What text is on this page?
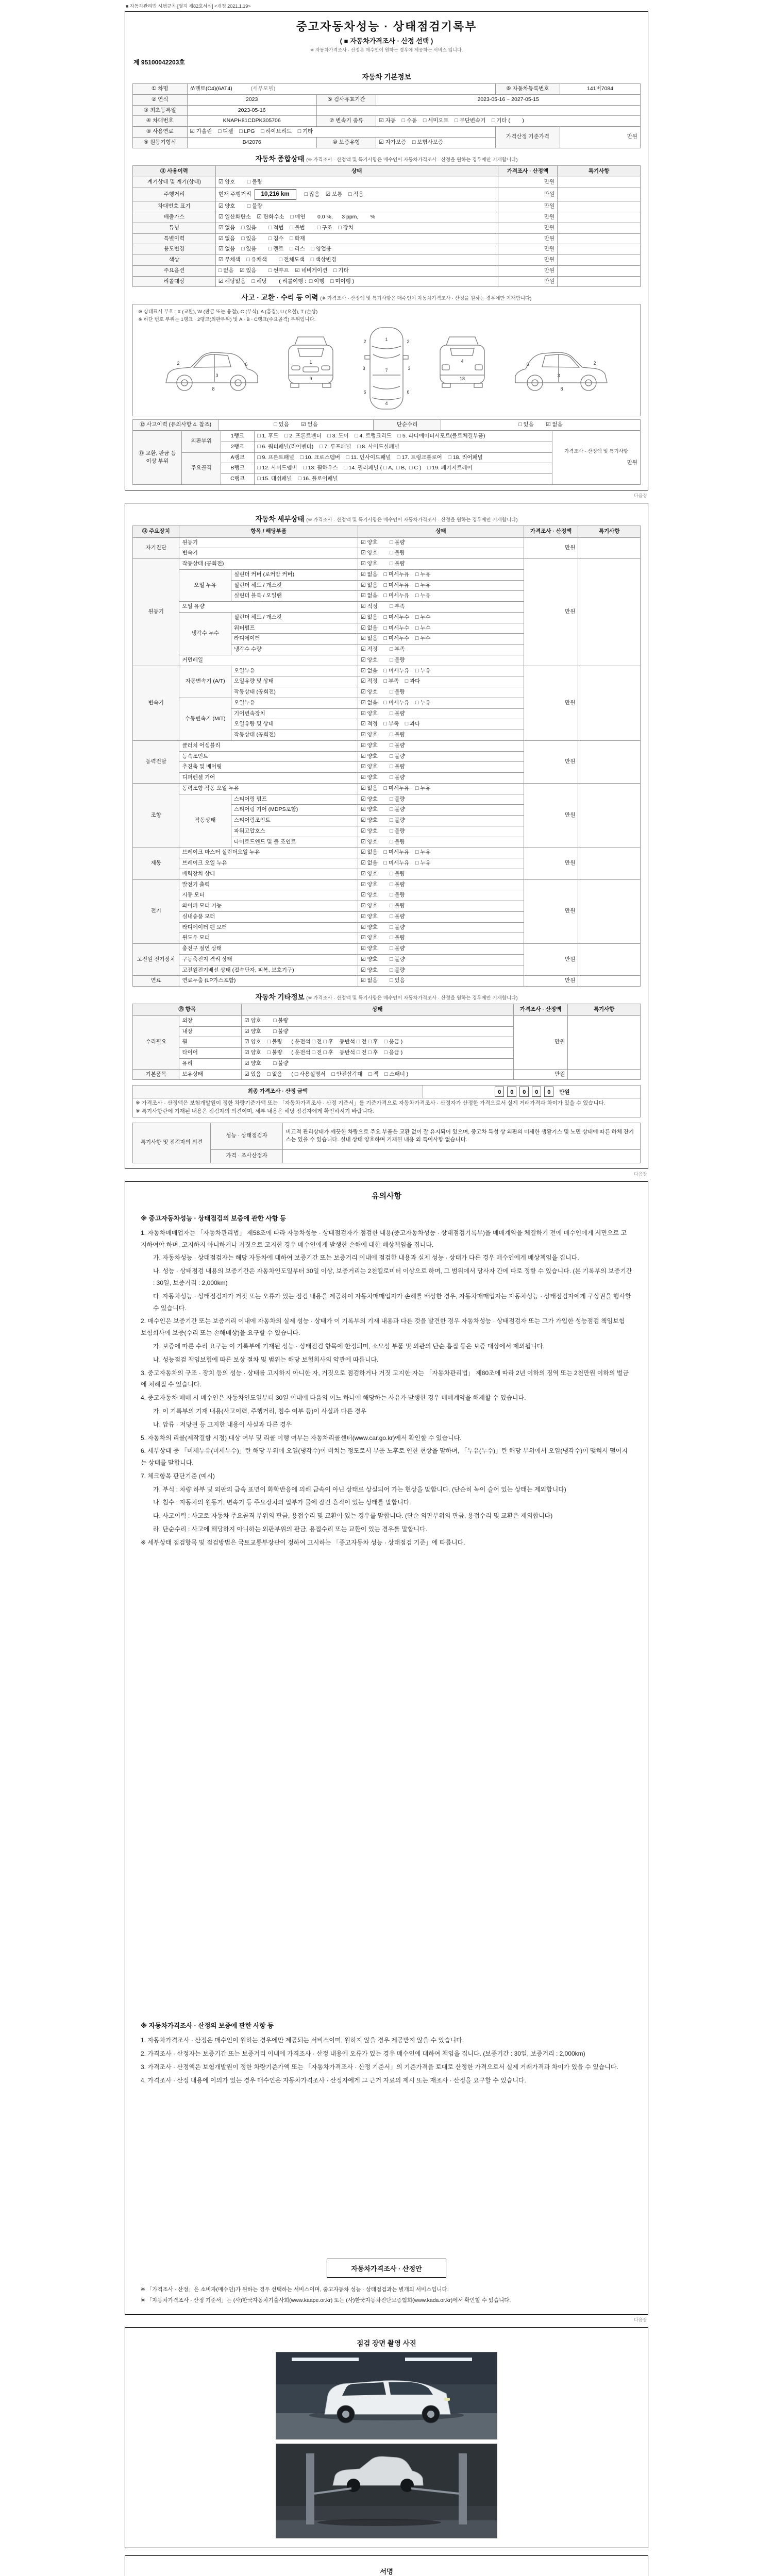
■ 자동차관리법 시행규칙 [별지 제82호서식] <개정 2021.1.19>
중고자동차성능 · 상태점검기록부
( ■ 자동차가격조사 · 산정 선택 )
※ 자동차가격조사 · 산정은 매수인이 원하는 경우에 제공하는 서비스 입니다.
제 95100042203호
자동차 기본정보
① 차명	쏘렌토(C4)(6AT4) (세부모델)			⑥ 자동차등록번호	141버7084
② 연식	2023	⑤ 검사유효기간	2023-05-16 ~ 2027-05-15		
③ 최초등록일	2023-05-16				
④ 차대번호	KNAPH81CDPK305706	⑦ 변속기 종류	☑ 자동    □ 수동    □ 세미오토    □ 무단변속기    □ 기타 (        )		
⑧ 사용연료	☑ 가솔린    □ 디젤    □ LPG    □ 하이브리드    □ 기타			가격산정 기준가격	만원
⑨ 원동기형식	B42076	⑩ 보증유형	☑ 자가보증    □ 보험사보증		
자동차 종합상태 (※ 가격조사 · 산정액 및 특기사항은 매수인이 자동차가격조사 · 산정을 원하는 경우에만 기재합니다)
⑪ 사용이력	상태	가격조사 · 산정액	특기사항
계기상태 및 계기(상태)	☑ 양호        □ 불량	만원	
주행거리	현재 주행거리 10,216 km □ 많음    ☑ 보통    □ 적음	만원	
차대번호 표기	☑ 양호        □ 불량	만원	
배출가스	☑ 일산화탄소    ☑ 탄화수소    □ 매연        0.0 %,      3 ppm,        %	만원	
튜닝	☑ 없음    □ 있음        □ 적법    □ 불법        □ 구조    □ 장치	만원	
특별이력	☑ 없음    □ 있음        □ 침수    □ 화재	만원	
용도변경	☑ 없음    □ 있음        □ 렌트    □ 리스    □ 영업용	만원	
색상	☑ 무채색    □ 유채색        □ 전체도색    □ 색상변경	만원	
주요옵션	□ 없음    ☑ 있음        □ 썬루프    ☑ 네비게이션    □ 기타	만원	
리콜대상	☑ 해당없음    □ 해당        ( 리콜이행 :  □ 이행    □ 미이행 )	만원	
사고 · 교환 · 수리 등 이력 (※ 가격조사 · 산정액 및 특기사항은 매수인이 자동차가격조사 · 산정을 원하는 경우에만 기재합니다)
※ 상태표시 부호 : X (교환), W (판금 또는 용접), C (부식), A (흠집), U (요철), T (손상)
※ 하단 번호 부위는 1랭크 · 2랭크(외판부위) 및 A · B · C랭크(주요골격) 부위입니다.
2
3
6
8
1
9
1
2	2
3	7	3
6	6
4
4
18
6
3
2
8
⑫ 사고이력 (유의사항 4. 참조)	□ 있음        ☑ 없음	단순수리	□ 있음        ☑ 없음
⑬ 교환, 판금 등 이상 부위	외판부위	1랭크	□ 1. 후드    □ 2. 프론트펜더    □ 3. 도어    □ 4. 트렁크리드    □ 5. 라디에이터서포트(볼트체결부품)	가격조사 · 산정액 및 특기사항
만원

		2랭크	□ 6. 쿼터패널(리어펜더)    □ 7. 루프패널    □ 8. 사이드실패널	
	주요골격	A랭크	□ 9. 프론트패널    □ 10. 크로스멤버    □ 11. 인사이드패널    □ 17. 트렁크플로어    □ 18. 리어패널	
		B랭크	□ 12. 사이드멤버    □ 13. 휠하우스    □ 14. 필러패널 ( □ A,  □ B,  □ C )    □ 19. 패키지트레이	
		C랭크	□ 15. 대쉬패널    □ 16. 플로어패널	
다음장
자동차 세부상태 (※ 가격조사 · 산정액 및 특기사항은 매수인이 자동차가격조사 · 산정을 원하는 경우에만 기재합니다)
⑭ 주요장치	항목 / 해당부품		상태	가격조사 · 산정액	특기사항
자기진단	원동기		☑ 양호        □ 불량	만원	
	변속기		☑ 양호        □ 불량		
원동기	작동상태 (공회전)		☑ 양호        □ 불량	만원	
	오일 누유	실린더 커버 (로커암 커버)	☑ 없음    □ 미세누유    □ 누유		
		실린더 헤드 / 개스킷	☑ 없음    □ 미세누유    □ 누유		
		실린더 블록 / 오일팬	☑ 없음    □ 미세누유    □ 누유		
	오일 유량		☑ 적정        □ 부족		
	냉각수 누수	실린더 헤드 / 개스킷	☑ 없음    □ 미세누수    □ 누수		
		워터펌프	☑ 없음    □ 미세누수    □ 누수		
		라디에이터	☑ 없음    □ 미세누수    □ 누수		
		냉각수 수량	☑ 적정        □ 부족		
	커먼레일		☑ 양호        □ 불량		
변속기	자동변속기 (A/T)	오일누유	☑ 없음    □ 미세누유    □ 누유	만원	
		오일유량 및 상태	☑ 적정    □ 부족    □ 과다		
		작동상태 (공회전)	☑ 양호        □ 불량		
	수동변속기 (M/T)	오일누유	☑ 없음    □ 미세누유    □ 누유		
		기어변속장치	☑ 양호        □ 불량		
		오일유량 및 상태	☑ 적정    □ 부족    □ 과다		
		작동상태 (공회전)	☑ 양호        □ 불량		
동력전달	클러치 어셈블리		☑ 양호        □ 불량	만원	
	등속조인트		☑ 양호        □ 불량		
	추진축 및 베어링		☑ 양호        □ 불량		
	디퍼렌셜 기어		☑ 양호        □ 불량		
조향	동력조향 작동 오일 누유		☑ 없음    □ 미세누유    □ 누유	만원	
	작동상태	스티어링 펌프	☑ 양호        □ 불량		
		스티어링 기어 (MDPS포함)	☑ 양호        □ 불량		
		스티어링조인트	☑ 양호        □ 불량		
		파워고압호스	☑ 양호        □ 불량		
		타이로드엔드 및 볼 조인트	☑ 양호        □ 불량		
제동	브레이크 마스터 실린더오일 누유		☑ 없음    □ 미세누유    □ 누유	만원	
	브레이크 오일 누유		☑ 없음    □ 미세누유    □ 누유		
	배력장치 상태		☑ 양호        □ 불량		
전기	발전기 출력		☑ 양호        □ 불량	만원	
	시동 모터		☑ 양호        □ 불량		
	와이퍼 모터 기능		☑ 양호        □ 불량		
	실내송풍 모터		☑ 양호        □ 불량		
	라디에이터 팬 모터		☑ 양호        □ 불량		
	윈도우 모터		☑ 양호        □ 불량		
고전원 전기장치	충전구 절연 상태		☑ 양호        □ 불량	만원	
	구동축전지 격리 상태		☑ 양호        □ 불량		
	고전원전기배선 상태 (접속단자, 피복, 보호기구)		☑ 양호        □ 불량		
연료	연료누출 (LP가스포함)		☑ 없음        □ 있음	만원	
자동차 기타정보 (※ 가격조사 · 산정액 및 특기사항은 매수인이 자동차가격조사 · 산정을 원하는 경우에만 기재합니다)
⑮ 항목		상태	가격조사 · 산정액	특기사항
수리필요	외장	☑ 양호        □ 불량	만원	
	내장	☑ 양호        □ 불량		
	휠	☑ 양호    □ 불량      ( 운전석 □ 전 □ 후    동반석 □ 전 □ 후    □ 응급 )		
	타이어	☑ 양호    □ 불량      ( 운전석 □ 전 □ 후    동반석 □ 전 □ 후    □ 응급 )		
	유리	☑ 양호        □ 불량		
기본품목	보유상태	☑ 있음    □ 없음      ( □ 사용설명서    □ 안전삼각대    □ 잭    □ 스패너 )	만원	
최종 가격조사 · 산정 금액	0 0 0 0 0 만원

※ 가격조사 · 산정액은 보험개발원이 정한 차량기준가액 또는 「자동차가격조사 · 산정 기준서」를 기준가격으로 자동차가격조사 · 산정자가 산정한 가격으로서 실제 거래가격과 차이가 있을 수 있습니다.
※ 특기사항란에 기재된 내용은 점검자의 의견이며, 세부 내용은 해당 점검자에게 확인하시기 바랍니다.
특기사항 및 점검자의 의견	성능 · 상태점검자	비교적 관리상태가 깨끗한 차량으로 주요 부품은 교환 없이 잘 유지되어 있으며, 중고차 특성 상 외판의 미세한 생활기스 및 노면 상태에 따른 하체 잔기스는 있을 수 있습니다. 실내 상태 양호하며 기재된 내용 외 특이사항 없습니다.
	가격 · 조사산정자	
다음장
유의사항
※ 중고자동차성능 · 상태점검의 보증에 관한 사항 등

1. 자동차매매업자는 「자동차관리법」 제58조에 따라 자동차성능 · 상태점검자가 점검한 내용(중고자동차성능 · 상태점검기록부)을 매매계약을 체결하기 전에 매수인에게 서면으로 고지하여야 하며, 고지하지 아니하거나 거짓으로 고지한 경우 매수인에게 발생한 손해에 대한 배상책임을 집니다.

가. 자동차성능 · 상태점검자는 해당 자동차에 대하여 보증기간 또는 보증거리 이내에 점검한 내용과 실제 성능 · 상태가 다른 경우 매수인에게 배상책임을 집니다.

나. 성능 · 상태점검 내용의 보증기간은 자동차인도일부터 30일 이상, 보증거리는 2천킬로미터 이상으로 하며, 그 범위에서 당사자 간에 따로 정할 수 있습니다. (본 기록부의 보증기간 : 30일, 보증거리 : 2,000km)

다. 자동차성능 · 상태점검자가 거짓 또는 오류가 있는 점검 내용을 제공하여 자동차매매업자가 손해를 배상한 경우, 자동차매매업자는 자동차성능 · 상태점검자에게 구상권을 행사할 수 있습니다.

2. 매수인은 보증기간 또는 보증거리 이내에 자동차의 실제 성능 · 상태가 이 기록부의 기재 내용과 다른 것을 발견한 경우 자동차성능 · 상태점검자 또는 그가 가입한 성능점검 책임보험 보험회사에 보증(수리 또는 손해배상)을 요구할 수 있습니다.

가. 보증에 따른 수리 요구는 이 기록부에 기재된 성능 · 상태점검 항목에 한정되며, 소모성 부품 및 외관의 단순 흠집 등은 보증 대상에서 제외됩니다.

나. 성능점검 책임보험에 따른 보상 절차 및 범위는 해당 보험회사의 약관에 따릅니다.

3. 중고자동차의 구조 · 장치 등의 성능 · 상태를 고지하지 아니한 자, 거짓으로 점검하거나 거짓 고지한 자는 「자동차관리법」 제80조에 따라 2년 이하의 징역 또는 2천만원 이하의 벌금에 처해질 수 있습니다.

4. 중고자동차 매매 시 매수인은 자동차인도일부터 30일 이내에 다음의 어느 하나에 해당하는 사유가 발생한 경우 매매계약을 해제할 수 있습니다.

가. 이 기록부의 기재 내용(사고이력, 주행거리, 침수 여부 등)이 사실과 다른 경우

나. 압류 · 저당권 등 고지한 내용이 사실과 다른 경우

5. 자동차의 리콜(제작결함 시정) 대상 여부 및 리콜 이행 여부는 자동차리콜센터(www.car.go.kr)에서 확인할 수 있습니다.

6. 세부상태 중 「미세누유(미세누수)」란 해당 부위에 오일(냉각수)이 비치는 정도로서 부품 노후로 인한 현상을 말하며, 「누유(누수)」란 해당 부위에서 오일(냉각수)이 맺혀서 떨어지는 상태를 말합니다.

7. 체크항목 판단기준 (예시)

가. 부식 : 차량 하부 및 외판의 금속 표면이 화학반응에 의해 금속이 아닌 상태로 상실되어 가는 현상을 말합니다. (단순히 녹이 슬어 있는 상태는 제외합니다)

나. 침수 : 자동차의 원동기, 변속기 등 주요장치의 일부가 물에 잠긴 흔적이 있는 상태를 말합니다.

다. 사고이력 : 사고로 자동차 주요골격 부위의 판금, 용접수리 및 교환이 있는 경우를 말합니다. (단순 외판부위의 판금, 용접수리 및 교환은 제외합니다)

라. 단순수리 : 사고에 해당하지 아니하는 외판부위의 판금, 용접수리 또는 교환이 있는 경우를 말합니다.

※ 세부상태 점검항목 및 점검방법은 국토교통부장관이 정하여 고시하는 「중고자동차 성능 · 상태점검 기준」에 따릅니다.

※ 자동차가격조사 · 산정의 보증에 관한 사항 등

1. 자동차가격조사 · 산정은 매수인이 원하는 경우에만 제공되는 서비스이며, 원하지 않을 경우 제공받지 않을 수 있습니다.

2. 가격조사 · 산정자는 보증기간 또는 보증거리 이내에 가격조사 · 산정 내용에 오류가 있는 경우 매수인에 대하여 책임을 집니다. (보증기간 : 30일, 보증거리 : 2,000km)

3. 가격조사 · 산정액은 보험개발원이 정한 차량기준가액 또는 「자동차가격조사 · 산정 기준서」의 기준가격을 토대로 산정한 가격으로서 실제 거래가격과 차이가 있을 수 있습니다.

4. 가격조사 · 산정 내용에 이의가 있는 경우 매수인은 자동차가격조사 · 산정자에게 그 근거 자료의 제시 또는 재조사 · 산정을 요구할 수 있습니다.

자동차가격조사 · 산정안

※ 「가격조사 · 산정」은 소비자(매수인)가 원하는 경우 선택하는 서비스이며, 중고자동차 성능 · 상태점검과는 별개의 서비스입니다.

※ 「자동차가격조사 · 산정 기준서」는 (사)한국자동차기술사회(www.kaape.or.kr) 또는 (사)한국자동차진단보증협회(www.kada.or.kr)에서 확인할 수 있습니다.

다음장
점검 장면 촬영 사진
서명
